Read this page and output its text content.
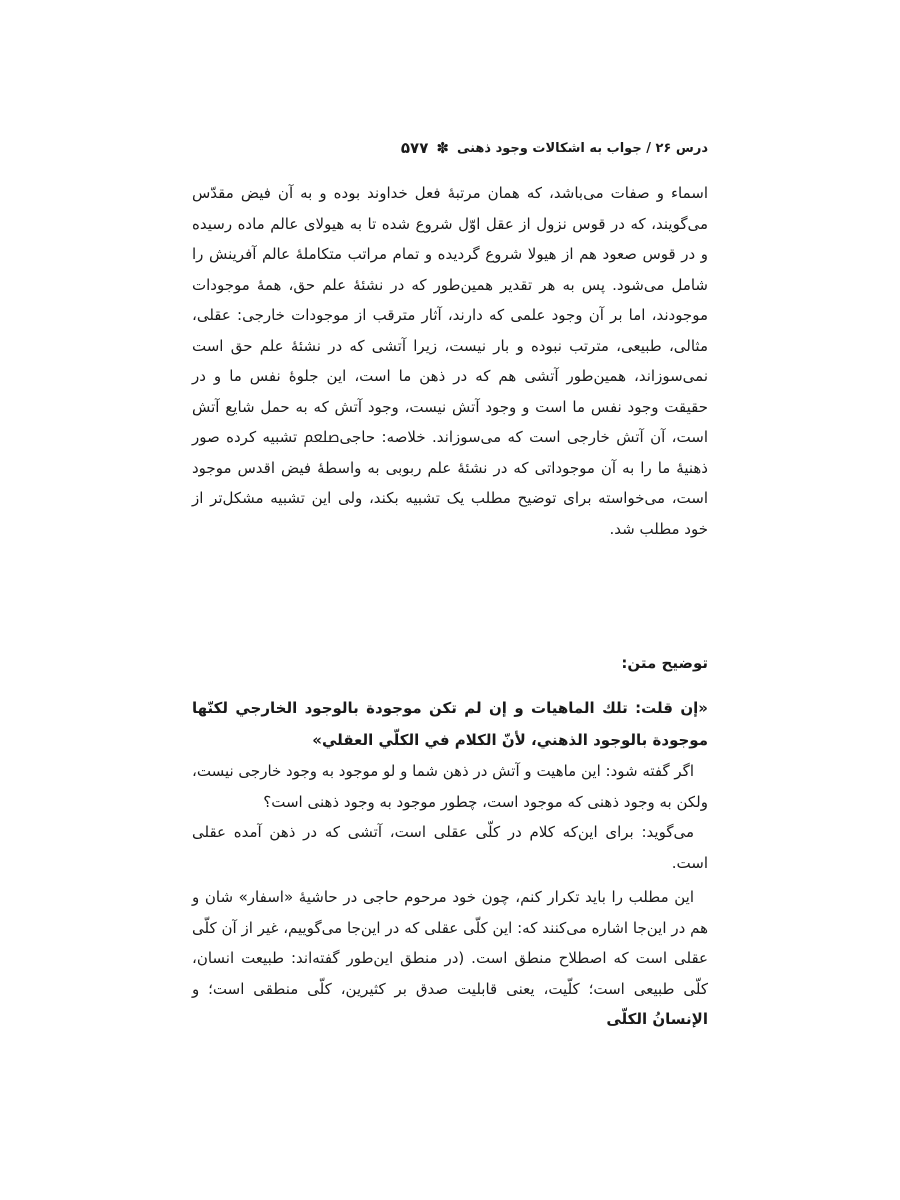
درس ۲۶ / جواب به اشکالات وجود ذهنی
✽
۵۷۷

اسماء و صفات می‌باشد، که همان مرتبهٔ فعل خداوند بوده و به آن فیض مقدّس می‌گویند، که در قوس نزول از عقل اوّل شروع شده تا به هیولای عالم ماده رسیده و در قوس صعود هم از هیولا شروع گردیده و تمام مراتب متکاملهٔ عالم آفرینش را شامل می‌شود. پس به هر تقدیر همین‌طور که در نشئهٔ علم حق، همهٔ موجودات موجودند، اما بر آن وجود علمی که دارند، آثار مترقب از موجودات خارجی: عقلی، مثالی، طبیعی، مترتب نبوده و بار نیست، زیرا آتشی که در نشئهٔ علم حق است نمی‌سوزاند، همین‌طور آتشی هم که در ذهن ما است، این جلوهٔ نفس ما و در حقیقت وجود نفس ما است و وجود آتش نیست، وجود آتش که به حمل شایع آتش است، آن آتش خارجی است که می‌سوزاند. خلاصه: حاجیﷵ تشبیه کرده صور ذهنیهٔ ما را به آن موجوداتی که در نشئهٔ علم ربوبی به واسطهٔ فیض اقدس موجود است، می‌خواسته برای توضیح مطلب یک تشبیه بکند، ولی این تشبیه مشکل‌تر از خود مطلب شد.

توضیح متن:

«إن قلت: تلك الماهيات و إن لم تكن موجودة بالوجود الخارجي لكنّها موجودة بالوجود الذهني، لأنّ الكلام في الكلّي العقلي»

اگر گفته شود: این ماهیت و آتش در ذهن شما و لو موجود به وجود خارجی نیست، ولکن به وجود ذهنی که موجود است، چطور موجود به وجود ذهنی است؟

می‌گوید: برای این‌که کلام در کلّی عقلی است، آتشی که در ذهن آمده عقلی است.

این مطلب را باید تکرار کنم، چون خود مرحوم حاجی در حاشیهٔ «اسفار» شان و هم در این‌جا اشاره می‌کنند که: این کلّی عقلی که در این‌جا می‌گوییم، غیر از آن کلّی عقلی است که اصطلاح منطق است. (در منطق این‌طور گفته‌اند: طبیعت انسان، کلّی طبیعی است؛ کلّیت، یعنی قابلیت صدق بر کثیرین، کلّی منطقی است؛ و الإنسانُ الكلّی
